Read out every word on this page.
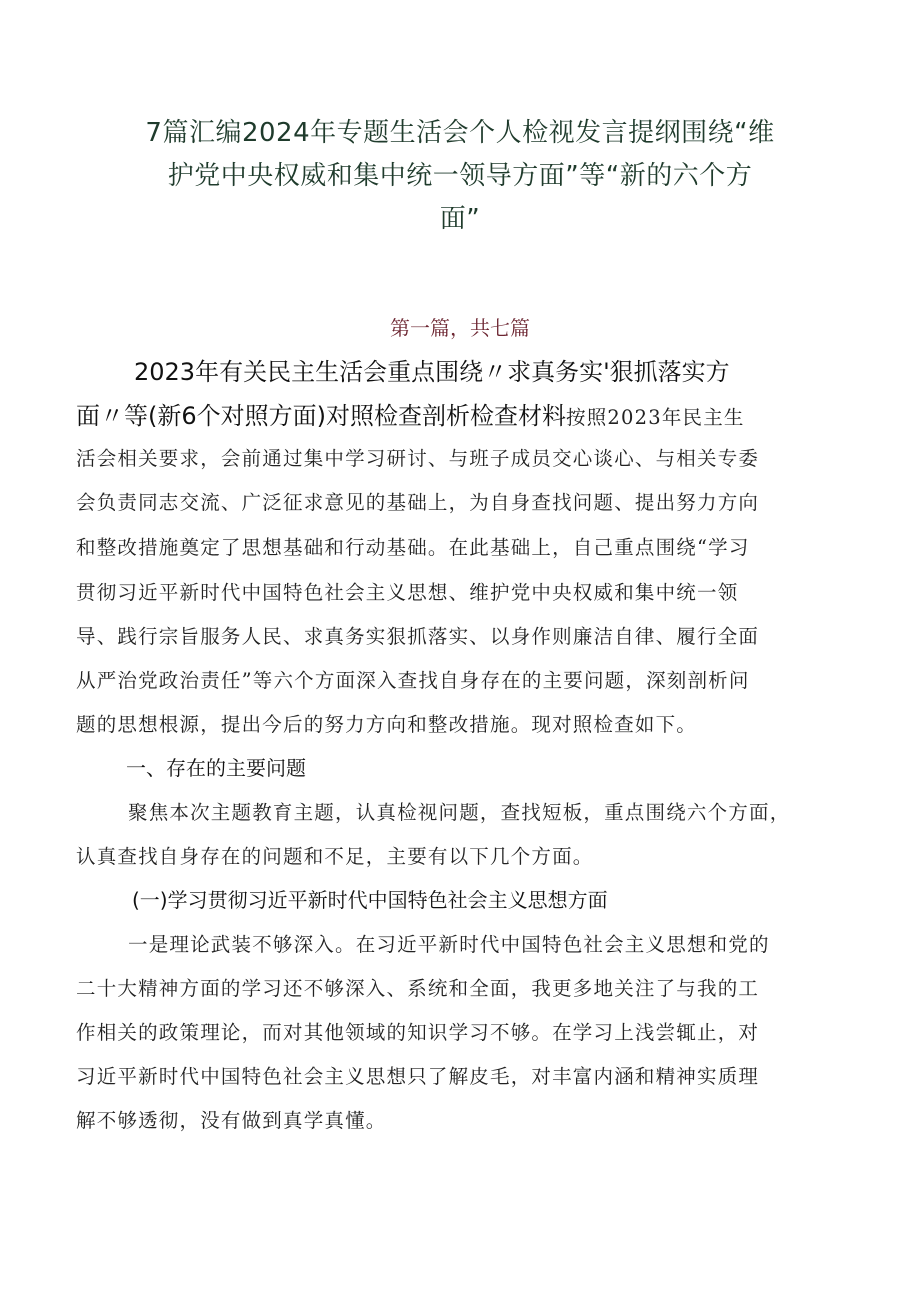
7篇汇编2024年专题生活会个人检视发言提纲围绕“维
护党中央权威和集中统一领导方面”等“新的六个方
面”
第一篇，共七篇
2023年有关民主生活会重点围绕〃求真务实'狠抓落实方
面〃等(新6个对照方面)对照检查剖析检查材料按照2023年民主生
活会相关要求，会前通过集中学习研讨、与班子成员交心谈心、与相关专委
会负责同志交流、广泛征求意见的基础上，为自身查找问题、提出努力方向
和整改措施奠定了思想基础和行动基础。在此基础上，自己重点围绕“学习
贯彻习近平新时代中国特色社会主义思想、维护党中央权威和集中统一领
导、践行宗旨服务人民、求真务实狠抓落实、以身作则廉洁自律、履行全面
从严治党政治责任”等六个方面深入查找自身存在的主要问题，深刻剖析问
题的思想根源，提出今后的努力方向和整改措施。现对照检查如下。
一、存在的主要问题
聚焦本次主题教育主题，认真检视问题，查找短板，重点围绕六个方面，
认真查找自身存在的问题和不足，主要有以下几个方面。
(一)学习贯彻习近平新时代中国特色社会主义思想方面
一是理论武装不够深入。在习近平新时代中国特色社会主义思想和党的
二十大精神方面的学习还不够深入、系统和全面，我更多地关注了与我的工
作相关的政策理论，而对其他领域的知识学习不够。在学习上浅尝辄止，对
习近平新时代中国特色社会主义思想只了解皮毛，对丰富内涵和精神实质理
解不够透彻，没有做到真学真懂。
